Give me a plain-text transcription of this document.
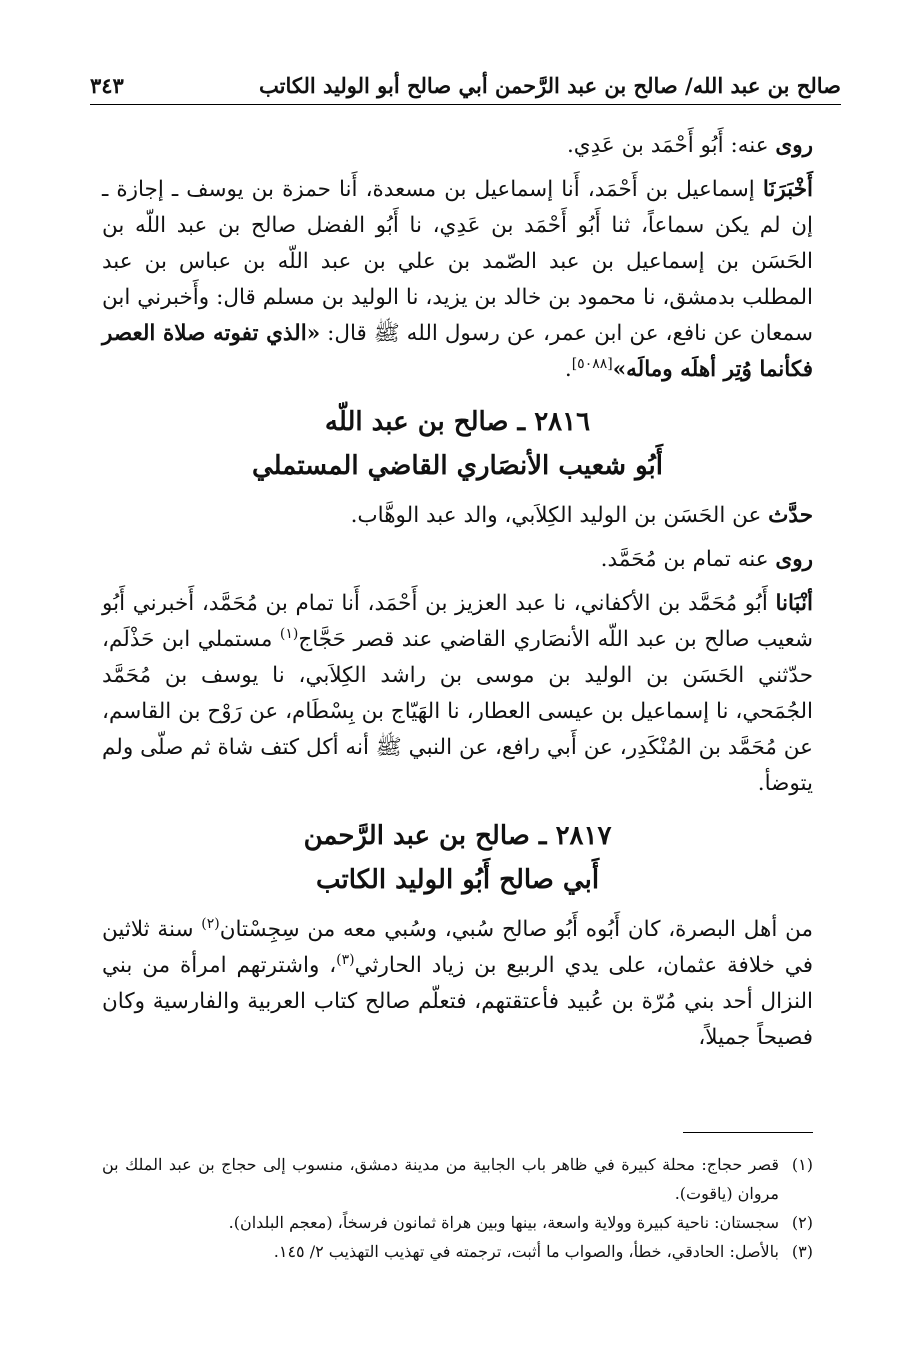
صالح بن عبد الله/ صالح بن عبد الرَّحمن أبي صالح أبو الوليد الكاتب
٣٤٣

روى عنه: أَبُو أَحْمَد بن عَدِي.

أَخْبَرَنَا إسماعيل بن أَحْمَد، أَنا إسماعيل بن مسعدة، أَنا حمزة بن يوسف ـ إجازة ـ إن لم يكن سماعاً، ثنا أَبُو أَحْمَد بن عَدِي، نا أَبُو الفضل صالح بن عبد اللّه بن الحَسَن بن إسماعيل بن عبد الصّمد بن علي بن عبد اللّه بن عباس بن عبد المطلب بدمشق، نا محمود بن خالد بن يزيد، نا الوليد بن مسلم قال: وأَخبرني ابن سمعان عن نافع، عن ابن عمر، عن رسول الله ﷺ قال: «الذي تفوته صلاة العصر فكأنما وُتِر أهلَه ومالَه»[٥٠٨٨].

٢٨١٦ ـ صالح بن عبد اللّه
أَبُو شعيب الأنصَاري القاضي المستملي

حدَّث عن الحَسَن بن الوليد الكِلاَبي، والد عبد الوهَّاب.

روى عنه تمام بن مُحَمَّد.

أنْبَانا أَبُو مُحَمَّد بن الأكفاني، نا عبد العزيز بن أَحْمَد، أَنا تمام بن مُحَمَّد، أَخبرني أَبُو شعيب صالح بن عبد اللّه الأنصَاري القاضي عند قصر حَجَّاج$^{(١)}$ مستملي ابن حَذْلَم، حدّثني الحَسَن بن الوليد بن موسى بن راشد الكِلاَبي، نا يوسف بن مُحَمَّد الجُمَحي، نا إسماعيل بن عيسى العطار، نا الهَيّاج بن بِسْطَام، عن رَوْح بن القاسم، عن مُحَمَّد بن المُنْكَدِر، عن أَبي رافع، عن النبي ﷺ أنه أكل كتف شاة ثم صلّى ولم يتوضأ.

٢٨١٧ ـ صالح بن عبد الرَّحمن
أَبي صالح أَبُو الوليد الكاتب

من أهل البصرة، كان أَبُوه أَبُو صالح سُبي، وسُبي معه من سِجِسْتان$^{(٢)}$ سنة ثلاثين في خلافة عثمان، على يدي الربيع بن زياد الحارثي$^{(٣)}$، واشترتهم امرأة من بني النزال أحد بني مُرّة بن عُبيد فأعتقتهم، فتعلّم صالح كتاب العربية والفارسية وكان فصيحاً جميلاً،

(١)
قصر حجاج: محلة كبيرة في ظاهر باب الجابية من مدينة دمشق، منسوب إلى حجاج بن عبد الملك بن مروان (ياقوت).
(٢)
سجستان: ناحية كبيرة وولاية واسعة، بينها وبين هراة ثمانون فرسخاً، (معجم البلدان).
(٣)
بالأصل: الحادقي، خطأ، والصواب ما أثبت، ترجمته في تهذيب التهذيب ٢/ ١٤٥.
